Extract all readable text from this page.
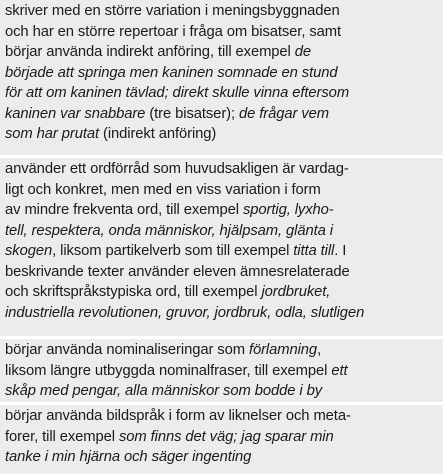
skriver med en större variation i meningsbyggnaden

och har en större repertoar i fråga om bisatser, samt

börjar använda indirekt anföring, till exempel de

började att springa men kaninen somnade en stund

för att om kaninen tävlad; direkt skulle vinna eftersom

kaninen var snabbare (tre bisatser); de frågar vem

som har prutat (indirekt anföring)

använder ett ordförråd som huvudsakligen är vardag-

ligt och konkret, men med en viss variation i form

av mindre frekventa ord, till exempel sportig, lyxho-

tell, respektera, onda människor, hjälpsam, glänta i

skogen, liksom partikelverb som till exempel titta till. I

beskrivande texter använder eleven ämnesrelaterade

och skriftspråkstypiska ord, till exempel jordbruket,

industriella revolutionen, gruvor, jordbruk, odla, slutligen

börjar använda nominaliseringar som förlamning,

liksom längre utbyggda nominalfraser, till exempel ett

skåp med pengar, alla människor som bodde i by

börjar använda bildspråk i form av liknelser och meta-

forer, till exempel som finns det väg; jag sparar min

tanke i min hjärna och säger ingenting
